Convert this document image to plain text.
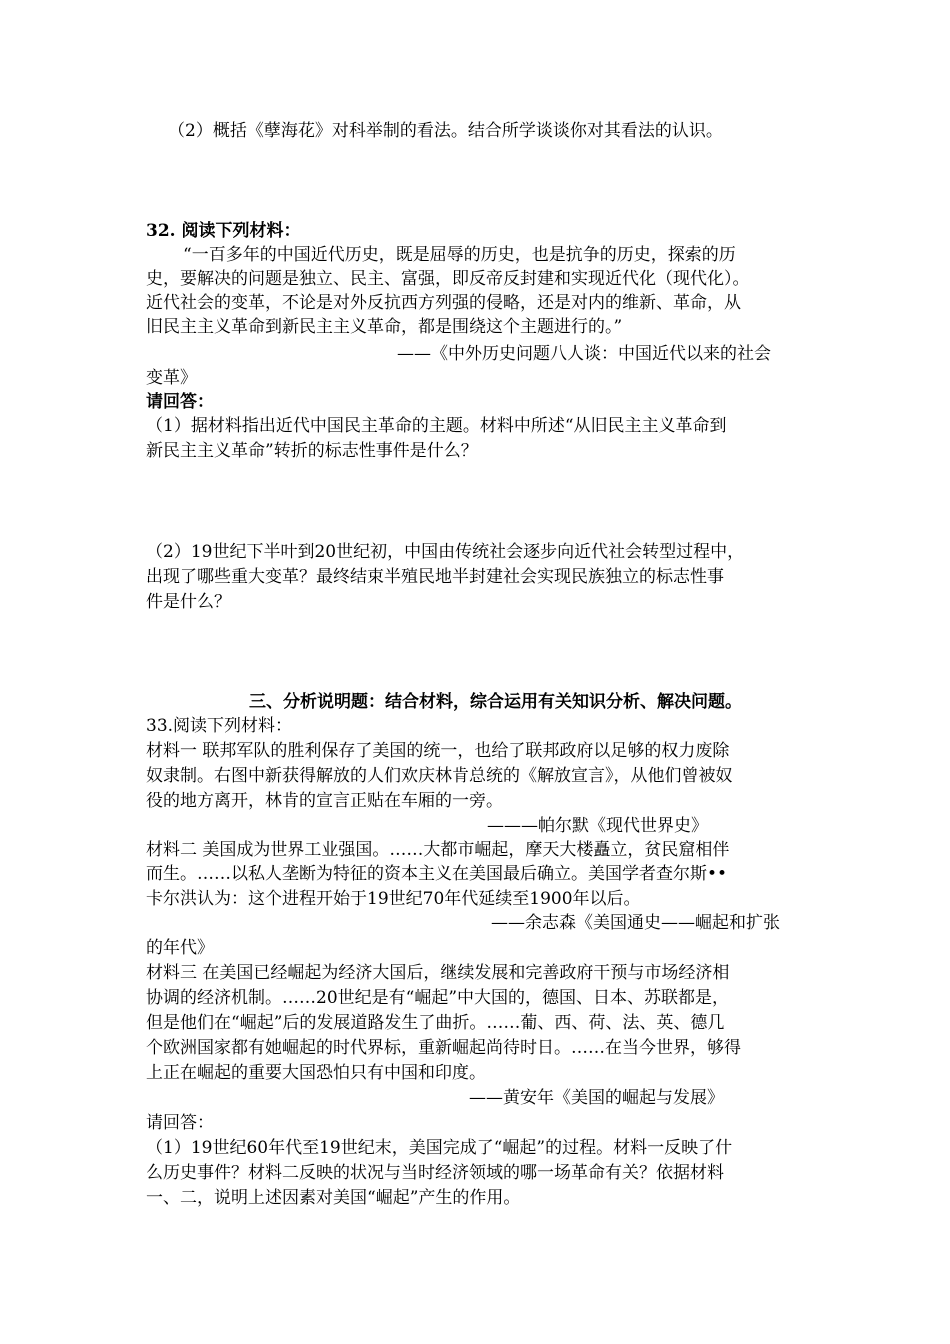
（2）概括《孽海花》对科举制的看法。结合所学谈谈你对其看法的认识。
32. 阅读下列材料：
“一百多年的中国近代历史，既是屈辱的历史，也是抗争的历史，探索的历
史，要解决的问题是独立、民主、富强，即反帝反封建和实现近代化（现代化）。
近代社会的变革，不论是对外反抗西方列强的侵略，还是对内的维新、革命，从
旧民主主义革命到新民主主义革命，都是围绕这个主题进行的。”
——《中外历史问题八人谈：中国近代以来的社会
变革》
请回答：
（1）据材料指出近代中国民主革命的主题。材料中所述“从旧民主主义革命到
新民主主义革命”转折的标志性事件是什么？
（2）19世纪下半叶到20世纪初，中国由传统社会逐步向近代社会转型过程中，
出现了哪些重大变革？最终结束半殖民地半封建社会实现民族独立的标志性事
件是什么？
三、分析说明题：结合材料，综合运用有关知识分析、解决问题。
33.阅读下列材料：
材料一 联邦军队的胜利保存了美国的统一，也给了联邦政府以足够的权力废除
奴隶制。右图中新获得解放的人们欢庆林肯总统的《解放宣言》，从他们曾被奴
役的地方离开，林肯的宣言正贴在车厢的一旁。
———帕尔默《现代世界史》
材料二 美国成为世界工业强国。……大都市崛起，摩天大楼矗立，贫民窟相伴
而生。……以私人垄断为特征的资本主义在美国最后确立。美国学者查尔斯••
卡尔洪认为：这个进程开始于19世纪70年代延续至1900年以后。
——余志森《美国通史——崛起和扩张
的年代》
材料三 在美国已经崛起为经济大国后，继续发展和完善政府干预与市场经济相
协调的经济机制。……20世纪是有“崛起”中大国的，德国、日本、苏联都是，
但是他们在“崛起”后的发展道路发生了曲折。……葡、西、荷、法、英、德几
个欧洲国家都有她崛起的时代界标，重新崛起尚待时日。……在当今世界，够得
上正在崛起的重要大国恐怕只有中国和印度。
——黄安年《美国的崛起与发展》
请回答：
（1）19世纪60年代至19世纪末，美国完成了“崛起”的过程。材料一反映了什
么历史事件？材料二反映的状况与当时经济领域的哪一场革命有关？依据材料
一、二，说明上述因素对美国“崛起”产生的作用。
